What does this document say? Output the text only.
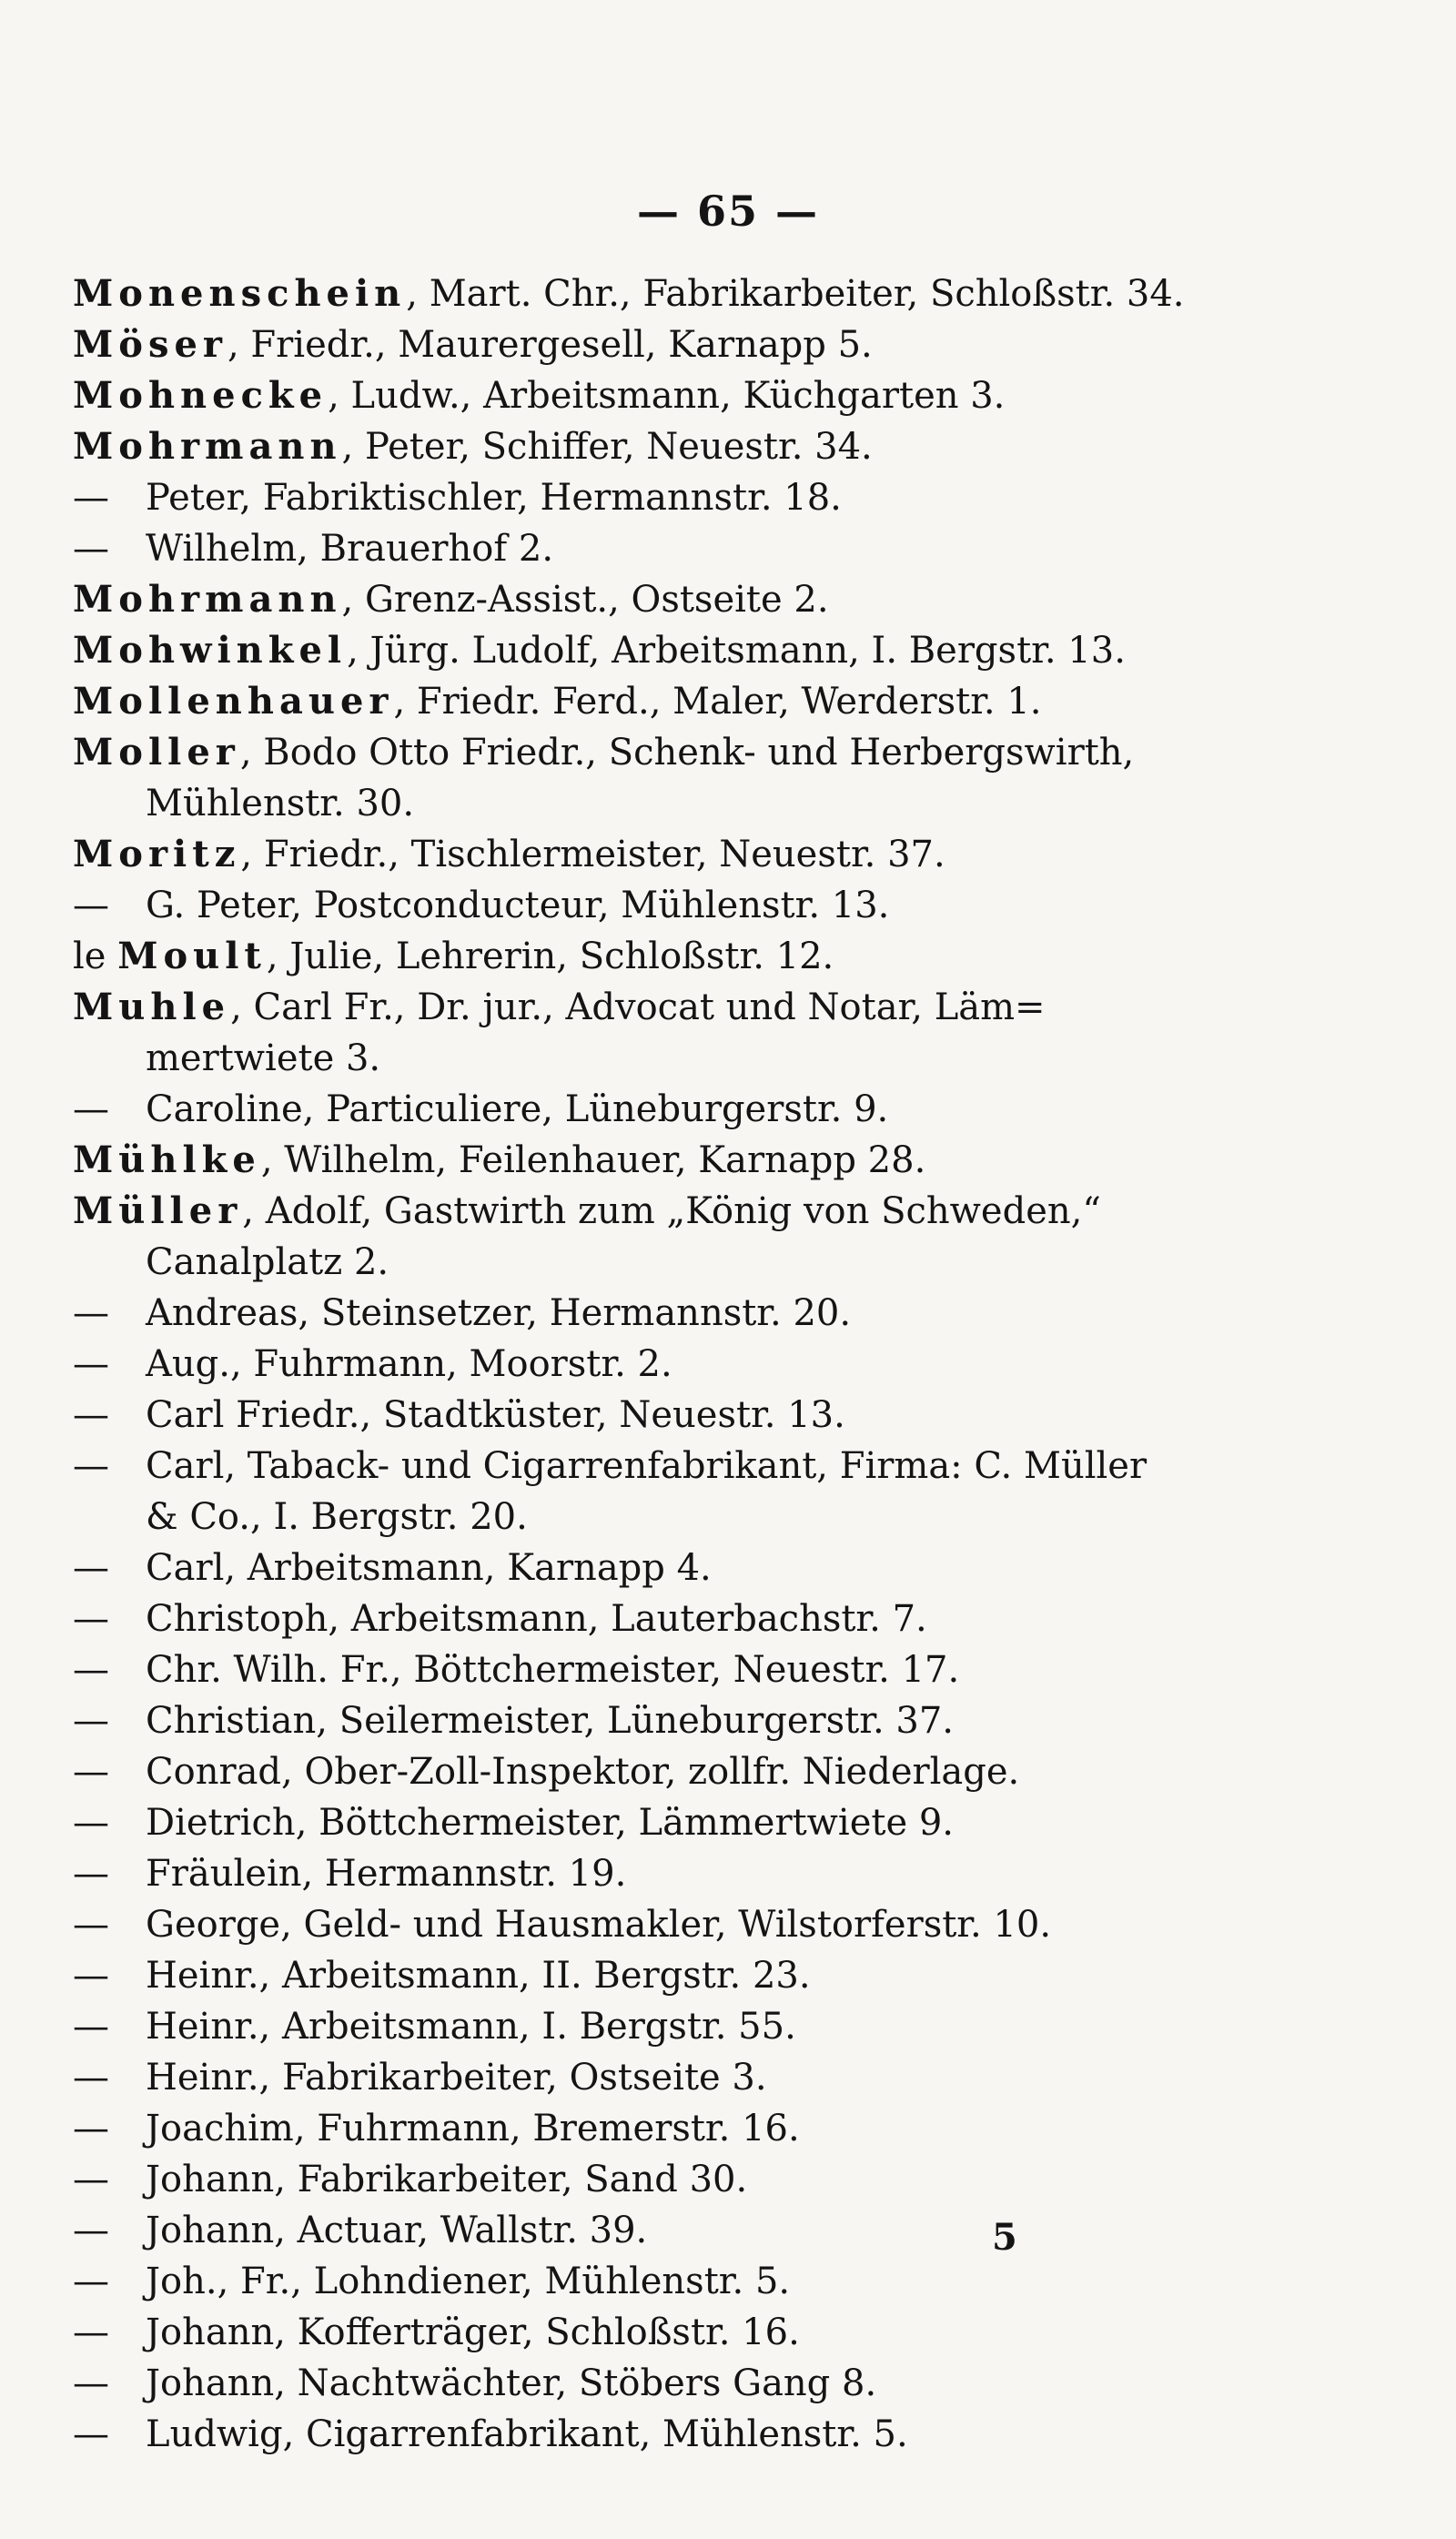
— 65 —
Monenschein, Mart. Chr., Fabrikarbeiter, Schloßstr. 34.
Möser, Friedr., Maurergesell, Karnapp 5.
Mohnecke, Ludw., Arbeitsmann, Küchgarten 3.
Mohrmann, Peter, Schiffer, Neuestr. 34.
— Peter, Fabriktischler, Hermannstr. 18.
— Wilhelm, Brauerhof 2.
Mohrmann, Grenz-Assist., Ostseite 2.
Mohwinkel, Jürg. Ludolf, Arbeitsmann, I. Bergstr. 13.
Mollenhauer, Friedr. Ferd., Maler, Werderstr. 1.
Moller, Bodo Otto Friedr., Schenk- und Herbergswirth,
Mühlenstr. 30.
Moritz, Friedr., Tischlermeister, Neuestr. 37.
— G. Peter, Postconducteur, Mühlenstr. 13.
le Moult, Julie, Lehrerin, Schloßstr. 12.
Muhle, Carl Fr., Dr. jur., Advocat und Notar, Läm=
mertwiete 3.
— Caroline, Particuliere, Lüneburgerstr. 9.
Mühlke, Wilhelm, Feilenhauer, Karnapp 28.
Müller, Adolf, Gastwirth zum „König von Schweden,“
Canalplatz 2.
— Andreas, Steinsetzer, Hermannstr. 20.
— Aug., Fuhrmann, Moorstr. 2.
— Carl Friedr., Stadtküster, Neuestr. 13.
— Carl, Taback- und Cigarrenfabrikant, Firma: C. Müller
& Co., I. Bergstr. 20.
— Carl, Arbeitsmann, Karnapp 4.
— Christoph, Arbeitsmann, Lauterbachstr. 7.
— Chr. Wilh. Fr., Böttchermeister, Neuestr. 17.
— Christian, Seilermeister, Lüneburgerstr. 37.
— Conrad, Ober-Zoll-Inspektor, zollfr. Niederlage.
— Dietrich, Böttchermeister, Lämmertwiete 9.
— Fräulein, Hermannstr. 19.
— George, Geld- und Hausmakler, Wilstorferstr. 10.
— Heinr., Arbeitsmann, II. Bergstr. 23.
— Heinr., Arbeitsmann, I. Bergstr. 55.
— Heinr., Fabrikarbeiter, Ostseite 3.
— Joachim, Fuhrmann, Bremerstr. 16.
— Johann, Fabrikarbeiter, Sand 30.
— Johann, Actuar, Wallstr. 39.
— Joh., Fr., Lohndiener, Mühlenstr. 5.
— Johann, Kofferträger, Schloßstr. 16.
— Johann, Nachtwächter, Stöbers Gang 8.
— Ludwig, Cigarrenfabrikant, Mühlenstr. 5.
5
